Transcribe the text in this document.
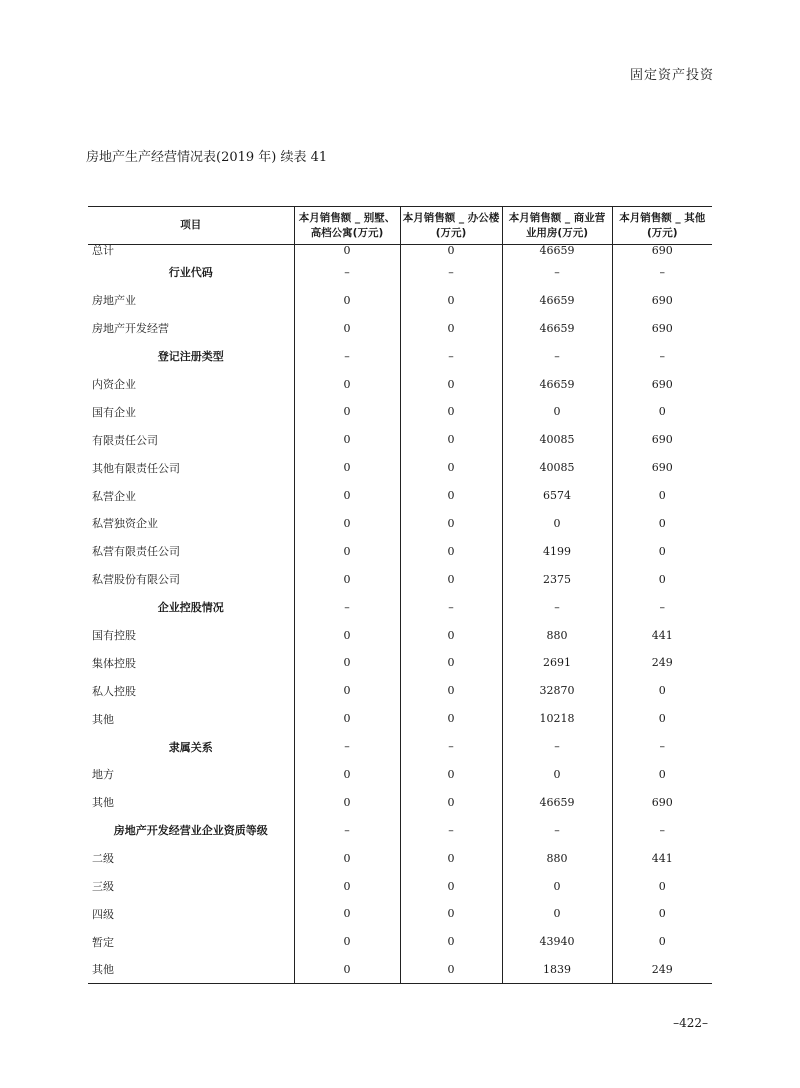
固定资产投资
房地产生产经营情况表(2019 年) 续表 41
项目	本月销售额 _ 别墅、高档公寓(万元)	本月销售额 _ 办公楼(万元)	本月销售额 _ 商业营业用房(万元)	本月销售额 _ 其他(万元)
总计	0	0	46659	690
行业代码	–	–	–	–
房地产业	0	0	46659	690
房地产开发经营	0	0	46659	690
登记注册类型	–	–	–	–
内资企业	0	0	46659	690
国有企业	0	0	0	0
有限责任公司	0	0	40085	690
其他有限责任公司	0	0	40085	690
私营企业	0	0	6574	0
私营独资企业	0	0	0	0
私营有限责任公司	0	0	4199	0
私营股份有限公司	0	0	2375	0
企业控股情况	–	–	–	–
国有控股	0	0	880	441
集体控股	0	0	2691	249
私人控股	0	0	32870	0
其他	0	0	10218	0
隶属关系	–	–	–	–
地方	0	0	0	0
其他	0	0	46659	690
房地产开发经营业企业资质等级	–	–	–	–
二级	0	0	880	441
三级	0	0	0	0
四级	0	0	0	0
暂定	0	0	43940	0
其他	0	0	1839	249
–422–
